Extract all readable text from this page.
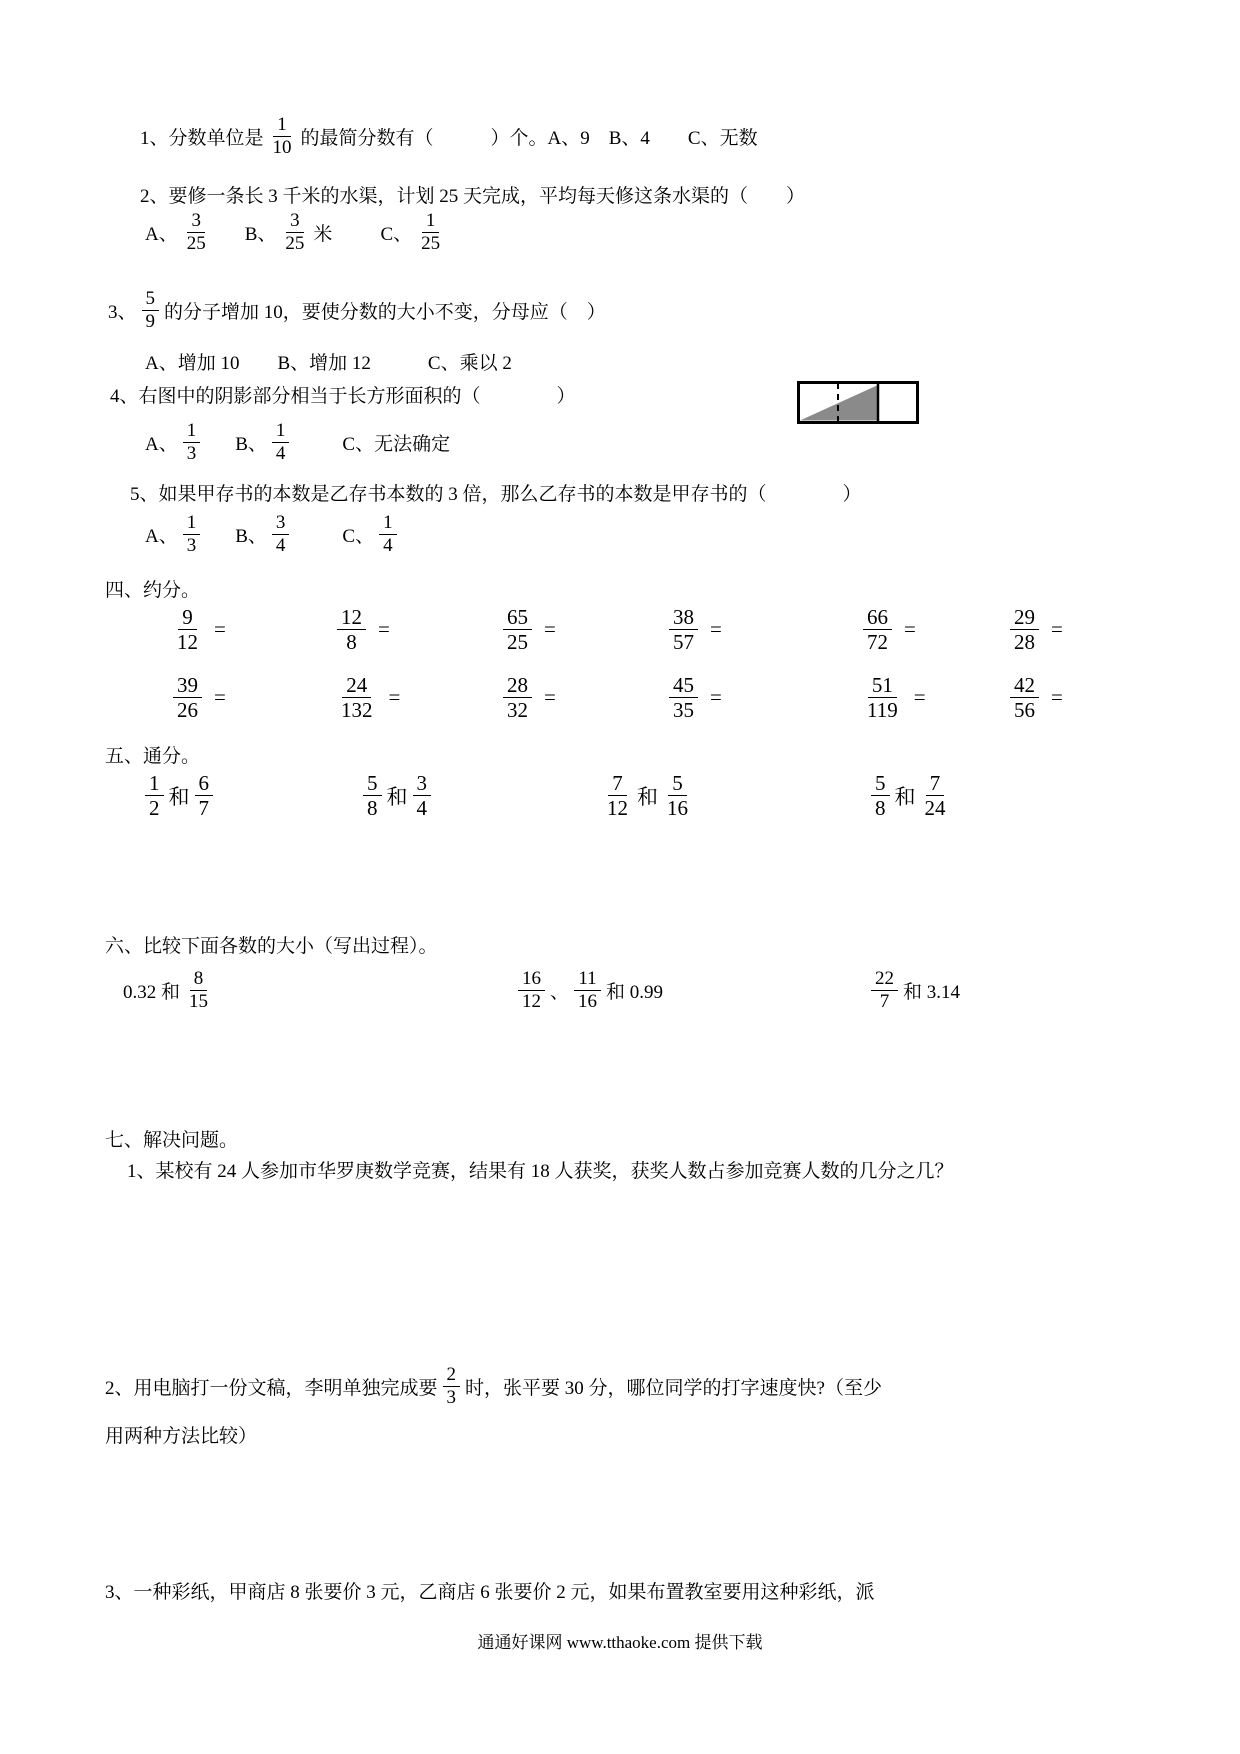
1、分数单位是 $\frac{1}{10}$ 的最简分数有（　　　）个。A、9　B、4　　C、无数
2、要修一条长 3 千米的水渠，计划 25 天完成，平均每天修这条水渠的（　　）
A、 $\frac{3}{25}$ B、 $\frac{3}{25}$ 米	C、 $\frac{1}{25}$
3、 $\frac{5}{9}$ 的分子增加 10，要使分数的大小不变，分母应（　）
A、增加 10　　B、增加 12　　　C、乘以 2
4、右图中的阴影部分相当于长方形面积的（　　　　）
A、 $\frac{1}{3}$ B、 $\frac{1}{4}$	C、无法确定
5、如果甲存书的本数是乙存书本数的 3 倍，那么乙存书的本数是甲存书的（　　　　）
A、 $\frac{1}{3}$ B、 $\frac{3}{4}$	C、 $\frac{1}{4}$
四、约分。
$\frac{9}{12}$ =	$\frac{12}{8}$ =	$\frac{65}{25}$ =	$\frac{38}{57}$ =	$\frac{66}{72}$ =	$\frac{29}{28}$ =
$\frac{39}{26}$ =	$\frac{24}{132}$ =	$\frac{28}{32}$ =	$\frac{45}{35}$ =	$\frac{51}{119}$ =	$\frac{42}{56}$ =
五、通分。
$\frac{1}{2}$ 和 $\frac{6}{7}$	$\frac{5}{8}$ 和 $\frac{3}{4}$	$\frac{7}{12}$ 和 $\frac{5}{16}$	$\frac{5}{8}$ 和 $\frac{7}{24}$
六、比较下面各数的大小（写出过程）。
0.32 和 $\frac{8}{15}$	$\frac{16}{12}$ 、 $\frac{11}{16}$ 和 0.99	$\frac{22}{7}$ 和 3.14
七、解决问题。
1、某校有 24 人参加市华罗庚数学竞赛，结果有 18 人获奖，获奖人数占参加竞赛人数的几分之几？
2、用电脑打一份文稿，李明单独完成要 $\frac{2}{3}$ 时，张平要 30 分，哪位同学的打字速度快?（至少
用两种方法比较）
3、一种彩纸，甲商店 8 张要价 3 元，乙商店 6 张要价 2 元，如果布置教室要用这种彩纸，派
通通好课网 www.tthaoke.com 提供下载
